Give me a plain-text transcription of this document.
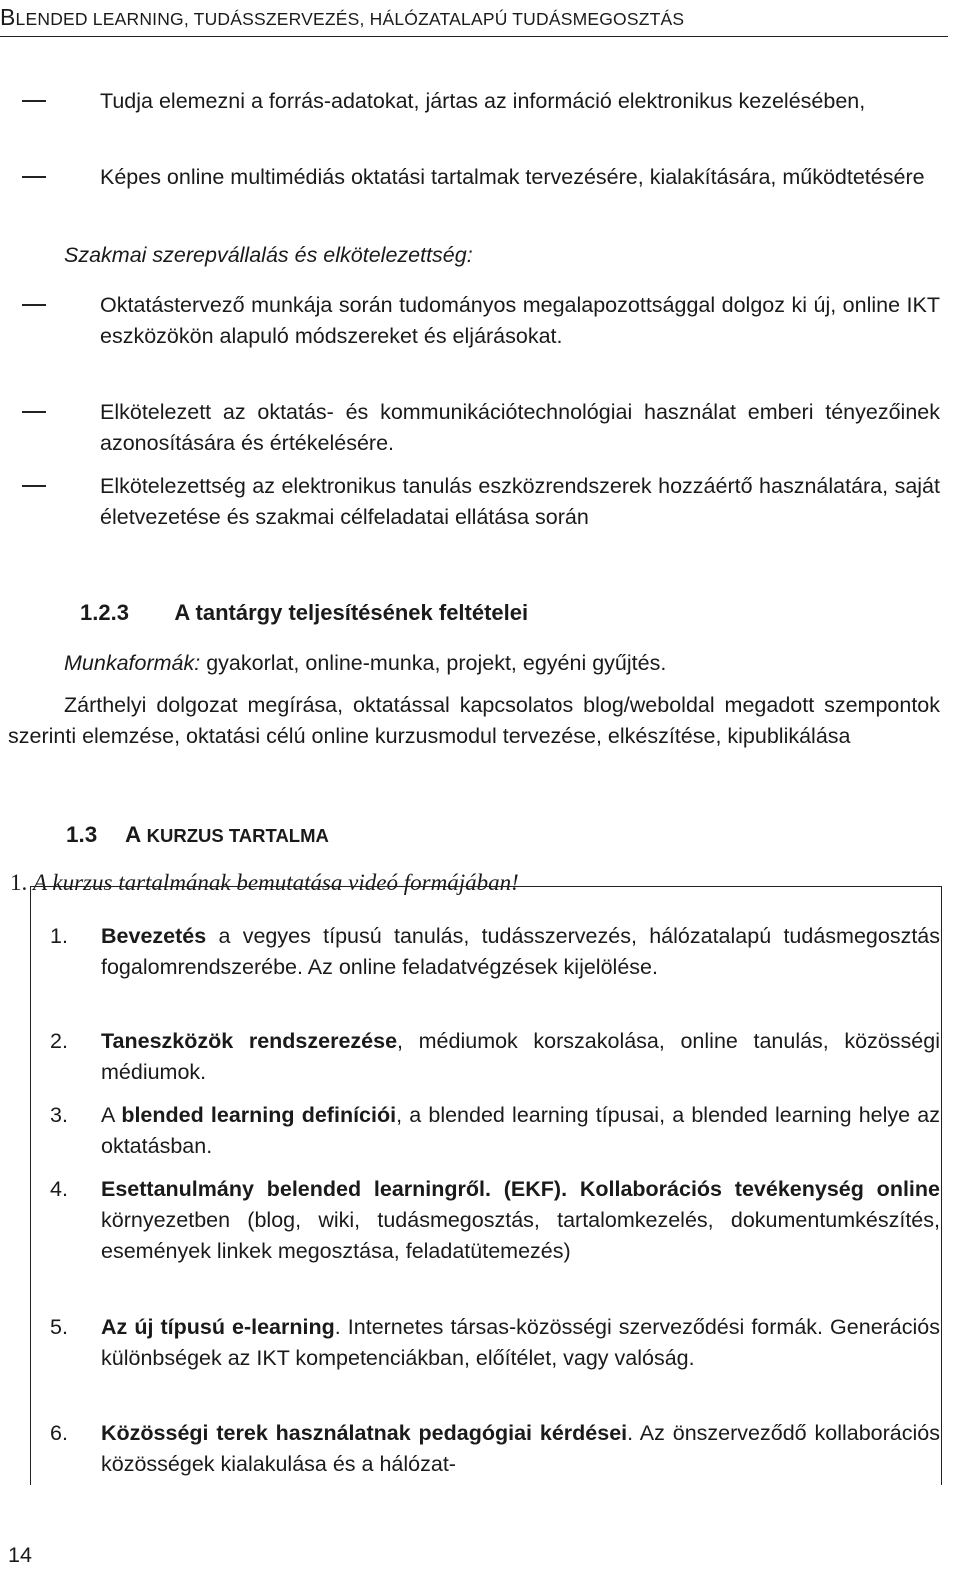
BLENDED LEARNING, TUDÁSSZERVEZÉS, HÁLÓZATALAPÚ TUDÁSMEGOSZTÁS
Tudja elemezni a forrás-adatokat, jártas az információ elektronikus kezelésében,
Képes online multimédiás oktatási tartalmak tervezésére, kialakítására, működtetésére
Szakmai szerepvállalás és elkötelezettség:
Oktatástervező munkája során tudományos megalapozottsággal dolgoz ki új, online IKT eszközökön alapuló módszereket és eljárásokat.
Elkötelezett az oktatás- és kommunikációtechnológiai használat emberi tényezőinek azonosítására és értékelésére.
Elkötelezettség az elektronikus tanulás eszközrendszerek hozzáértő használatára, saját életvezetése és szakmai célfeladatai ellátása során
1.2.3 A tantárgy teljesítésének feltételei
Munkaformák: gyakorlat, online-munka, projekt, egyéni gyűjtés.
Zárthelyi dolgozat megírása, oktatással kapcsolatos blog/weboldal megadott szempontok szerinti elemzése, oktatási célú online kurzusmodul tervezése, elkészítése, kipublikálása
1.3 A KURZUS TARTALMA
1. A kurzus tartalmának bemutatása videó formájában!
1. Bevezetés a vegyes típusú tanulás, tudásszervezés, hálózatalapú tudásmegosztás fogalomrendszerébe. Az online feladatvégzések kijelölése.
2. Taneszközök rendszerezése, médiumok korszakolása, online tanulás, közösségi médiumok.
3. A blended learning definíciói, a blended learning típusai, a blended learning helye az oktatásban.
4. Esettanulmány belended learningről. (EKF). Kollaborációs tevékenység online környezetben (blog, wiki, tudásmegosztás, tartalomkezelés, dokumentumkészítés, események linkek megosztása, feladatütemezés)
5. Az új típusú e-learning. Internetes társas-közösségi szerveződési formák. Generációs különbségek az IKT kompetenciákban, előítélet, vagy valóság.
6. Közösségi terek használatnak pedagógiai kérdései. Az önszerveződő kollaborációs közösségek kialakulása és a hálózat-
14
